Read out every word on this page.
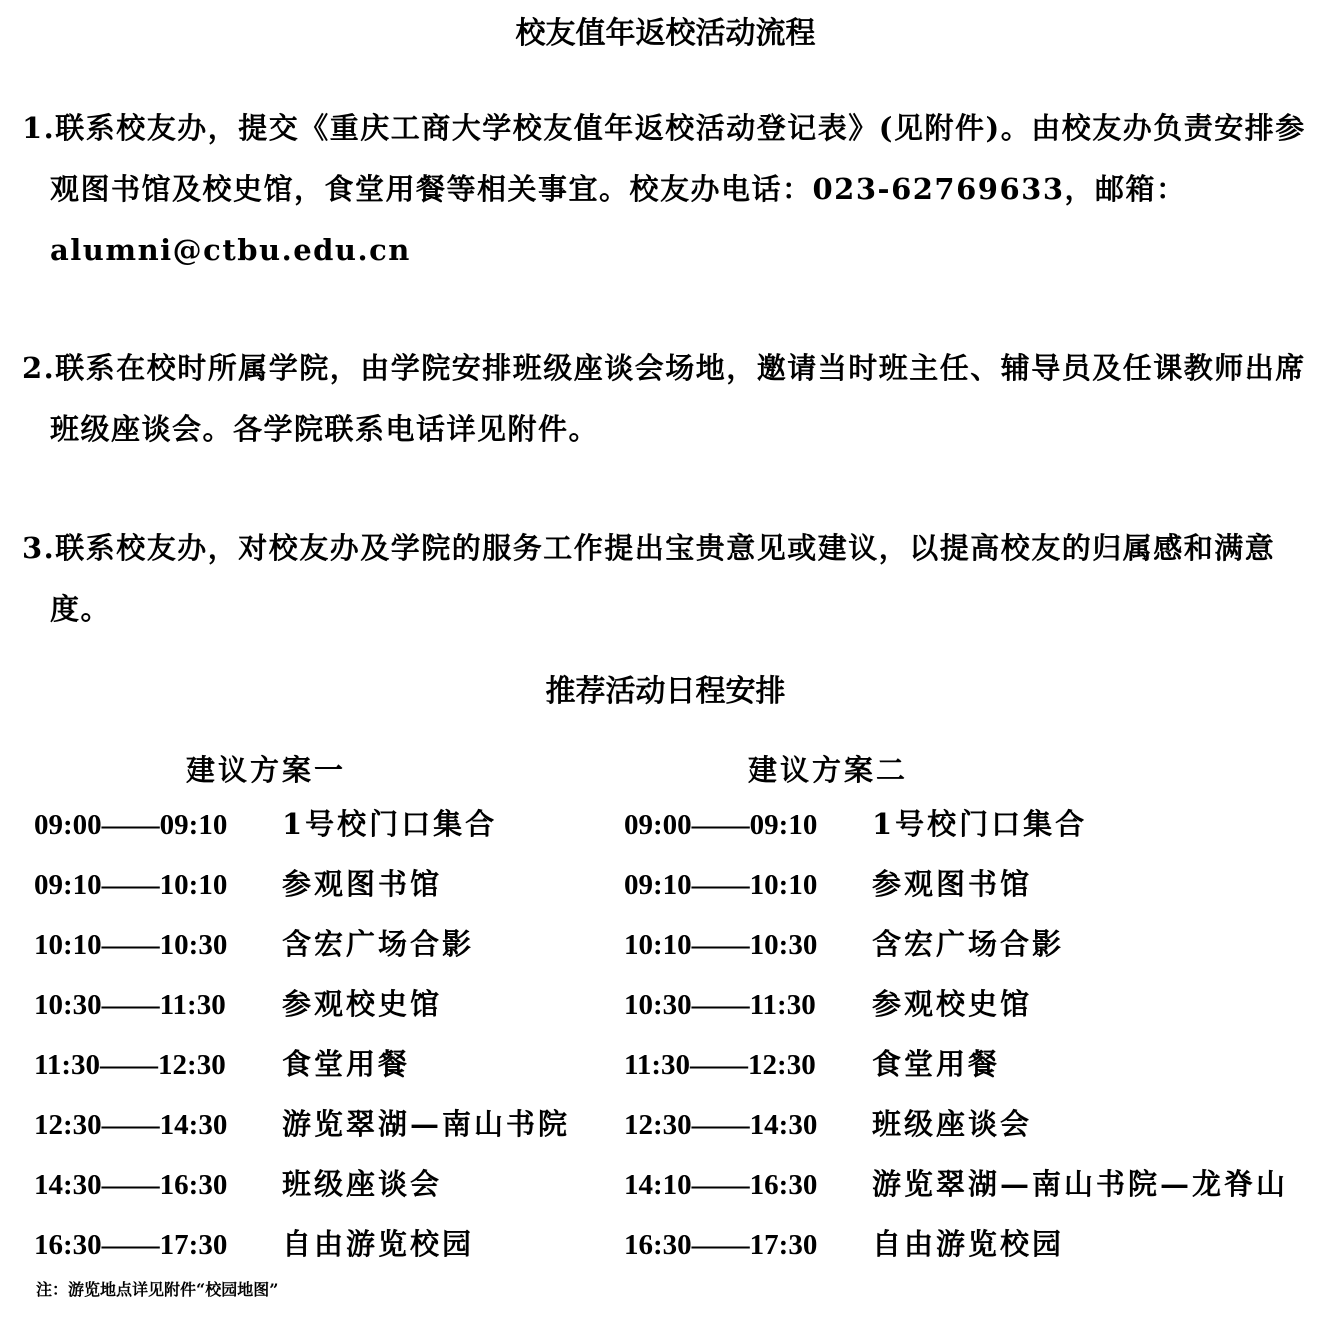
校友值年返校活动流程
1.联系校友办，提交《重庆工商大学校友值年返校活动登记表》(见附件)。由校友办负责安排参观图书馆及校史馆，食堂用餐等相关事宜。校友办电话：023-62769633，邮箱： alumni@ctbu.edu.cn
2.联系在校时所属学院，由学院安排班级座谈会场地，邀请当时班主任、辅导员及任课教师出席班级座谈会。各学院联系电话详见附件。
3.联系校友办，对校友办及学院的服务工作提出宝贵意见或建议，以提高校友的归属感和满意度。
推荐活动日程安排
建议方案一
09:00——09:10 1号校门口集合
09:10——10:10 参观图书馆
10:10——10:30 含宏广场合影
10:30——11:30 参观校史馆
11:30——12:30 食堂用餐
12:30——14:30 游览翠湖—南山书院
14:30——16:30 班级座谈会
16:30——17:30 自由游览校园
建议方案二
09:00——09:10 1号校门口集合
09:10——10:10 参观图书馆
10:10——10:30 含宏广场合影
10:30——11:30 参观校史馆
11:30——12:30 食堂用餐
12:30——14:30 班级座谈会
14:10——16:30 游览翠湖—南山书院—龙脊山
16:30——17:30 自由游览校园
注：游览地点详见附件“校园地图”
